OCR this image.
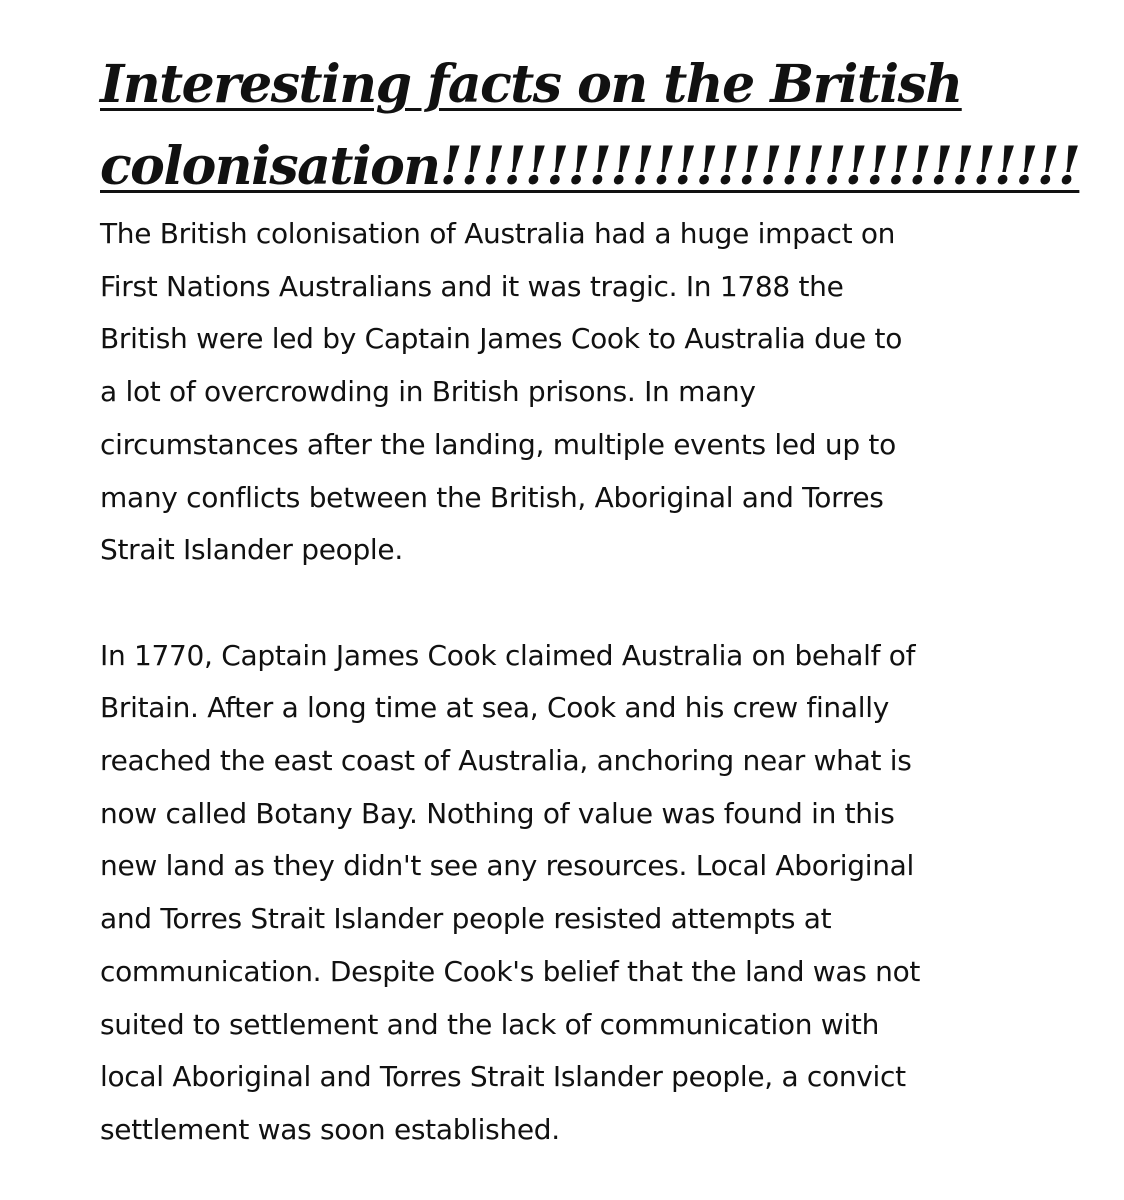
Interesting facts on the British
colonisation!!!!!!!!!!!!!!!!!!!!!!!!!!!!!!

The British colonisation of Australia had a huge impact on
First Nations Australians and it was tragic. In 1788 the
British were led by Captain James Cook to Australia due to
a lot of overcrowding in British prisons. In many
circumstances after the landing, multiple events led up to
many conflicts between the British, Aboriginal and Torres
Strait Islander people.

In 1770, Captain James Cook claimed Australia on behalf of
Britain. After a long time at sea, Cook and his crew finally
reached the east coast of Australia, anchoring near what is
now called Botany Bay. Nothing of value was found in this
new land as they didn't see any resources. Local Aboriginal
and Torres Strait Islander people resisted attempts at
communication. Despite Cook's belief that the land was not
suited to settlement and the lack of communication with
local Aboriginal and Torres Strait Islander people, a convict
settlement was soon established.
